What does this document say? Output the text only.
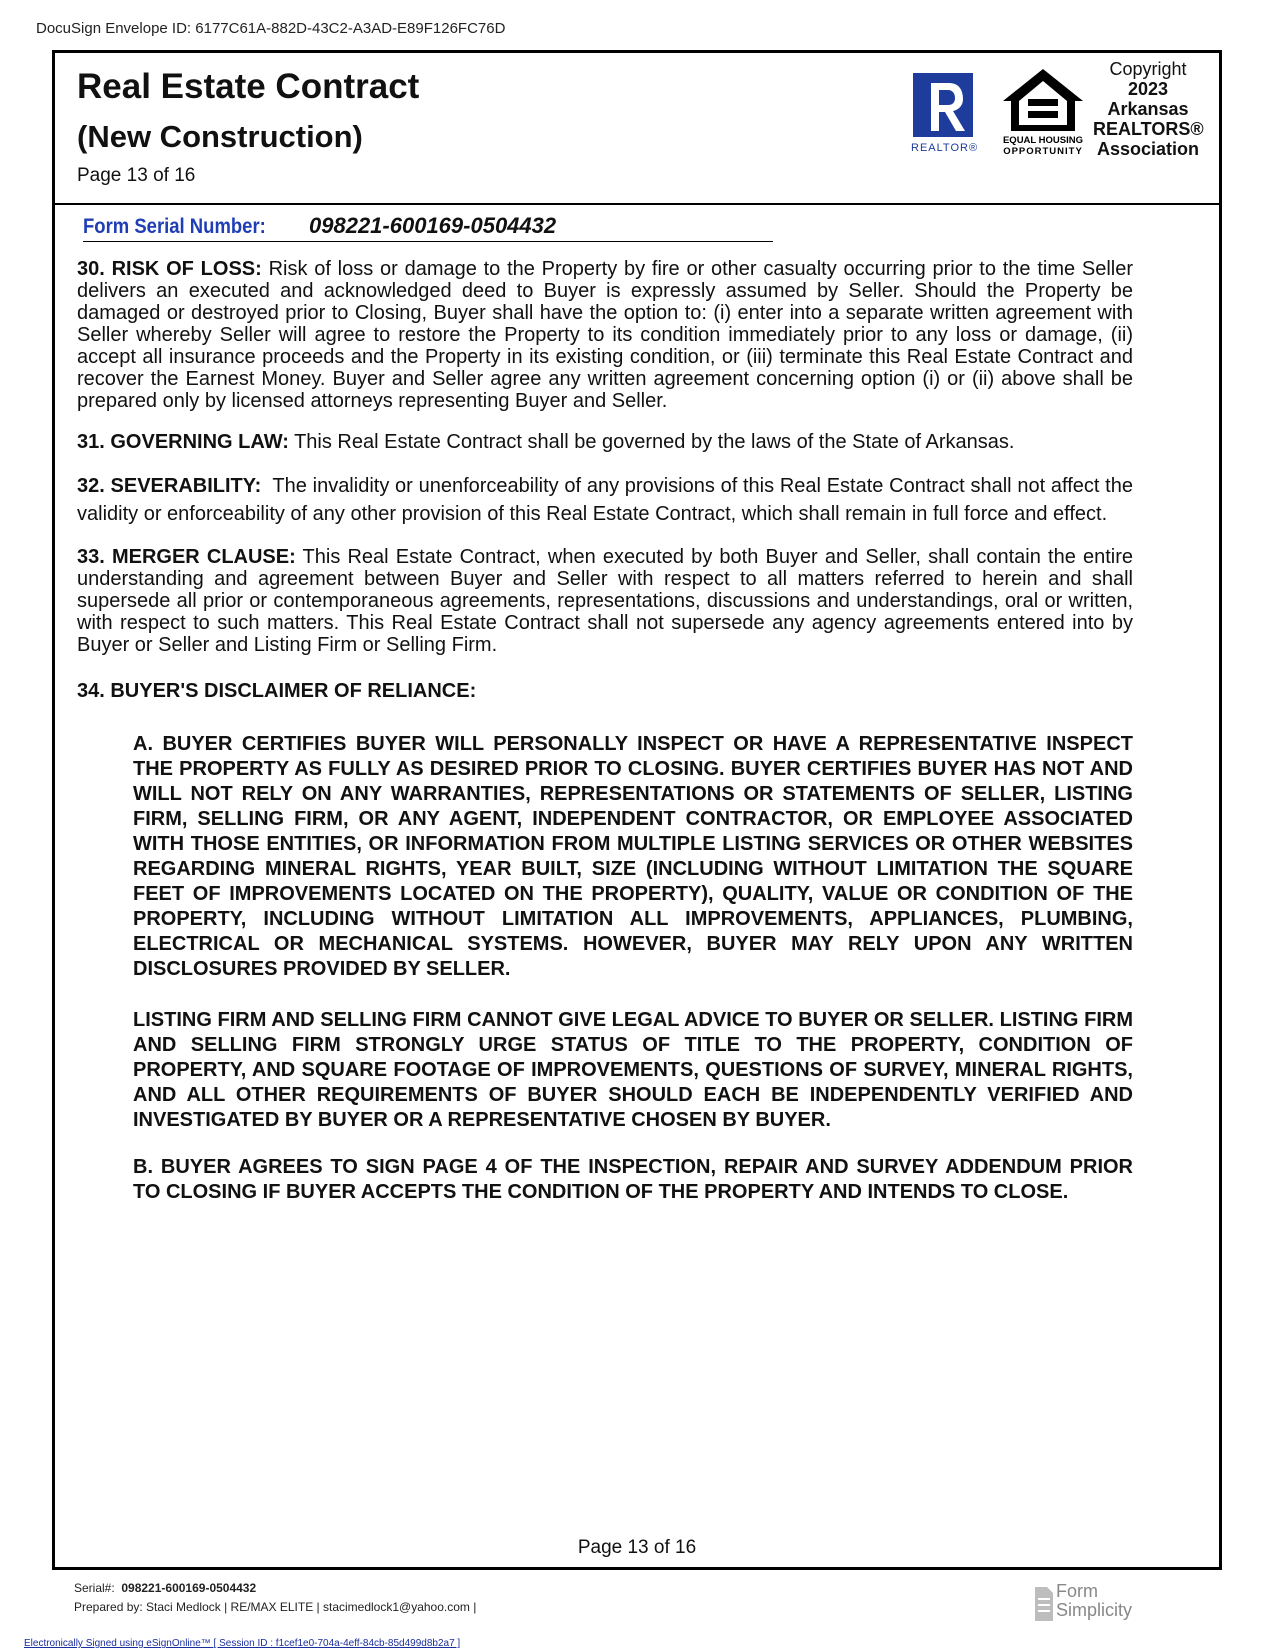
DocuSign Envelope ID: 6177C61A-882D-43C2-A3AD-E89F126FC76D
Real Estate Contract
(New Construction)
Page 13 of 16
REALTOR®
EQUAL HOUSING
OPPORTUNITY
Copyright
2023
Arkansas
REALTORS®
Association
Form Serial Number: 098221-600169-0504432

30. RISK OF LOSS: Risk of loss or damage to the Property by fire or other casualty occurring prior to the time Seller delivers an executed and acknowledged deed to Buyer is expressly assumed by Seller. Should the Property be damaged or destroyed prior to Closing, Buyer shall have the option to: (i) enter into a separate written agreement with Seller whereby Seller will agree to restore the Property to its condition immediately prior to any loss or damage, (ii) accept all insurance proceeds and the Property in its existing condition, or (iii) terminate this Real Estate Contract and recover the Earnest Money. Buyer and Seller agree any written agreement concerning option (i) or (ii) above shall be prepared only by licensed attorneys representing Buyer and Seller.

31. GOVERNING LAW: This Real Estate Contract shall be governed by the laws of the State of Arkansas.

32. SEVERABILITY: The invalidity or unenforceability of any provisions of this Real Estate Contract shall not affect the validity or enforceability of any other provision of this Real Estate Contract, which shall remain in full force and effect.

33. MERGER CLAUSE: This Real Estate Contract, when executed by both Buyer and Seller, shall contain the entire understanding and agreement between Buyer and Seller with respect to all matters referred to herein and shall supersede all prior or contemporaneous agreements, representations, discussions and understandings, oral or written, with respect to such matters. This Real Estate Contract shall not supersede any agency agreements entered into by Buyer or Seller and Listing Firm or Selling Firm.

34. BUYER'S DISCLAIMER OF RELIANCE:

A. BUYER CERTIFIES BUYER WILL PERSONALLY INSPECT OR HAVE A REPRESENTATIVE INSPECT THE PROPERTY AS FULLY AS DESIRED PRIOR TO CLOSING. BUYER CERTIFIES BUYER HAS NOT AND WILL NOT RELY ON ANY WARRANTIES, REPRESENTATIONS OR STATEMENTS OF SELLER, LISTING FIRM, SELLING FIRM, OR ANY AGENT, INDEPENDENT CONTRACTOR, OR EMPLOYEE ASSOCIATED WITH THOSE ENTITIES, OR INFORMATION FROM MULTIPLE LISTING SERVICES OR OTHER WEBSITES REGARDING MINERAL RIGHTS, YEAR BUILT, SIZE (INCLUDING WITHOUT LIMITATION THE SQUARE FEET OF IMPROVEMENTS LOCATED ON THE PROPERTY), QUALITY, VALUE OR CONDITION OF THE PROPERTY, INCLUDING WITHOUT LIMITATION ALL IMPROVEMENTS, APPLIANCES, PLUMBING, ELECTRICAL OR MECHANICAL SYSTEMS. HOWEVER, BUYER MAY RELY UPON ANY WRITTEN DISCLOSURES PROVIDED BY SELLER.

LISTING FIRM AND SELLING FIRM CANNOT GIVE LEGAL ADVICE TO BUYER OR SELLER. LISTING FIRM AND SELLING FIRM STRONGLY URGE STATUS OF TITLE TO THE PROPERTY, CONDITION OF PROPERTY, AND SQUARE FOOTAGE OF IMPROVEMENTS, QUESTIONS OF SURVEY, MINERAL RIGHTS, AND ALL OTHER REQUIREMENTS OF BUYER SHOULD EACH BE INDEPENDENTLY VERIFIED AND INVESTIGATED BY BUYER OR A REPRESENTATIVE CHOSEN BY BUYER.

B. BUYER AGREES TO SIGN PAGE 4 OF THE INSPECTION, REPAIR AND SURVEY ADDENDUM PRIOR TO CLOSING IF BUYER ACCEPTS THE CONDITION OF THE PROPERTY AND INTENDS TO CLOSE.

Page 13 of 16
Serial#: 098221-600169-0504432
Prepared by: Staci Medlock | RE/MAX ELITE | stacimedlock1@yahoo.com |
Electronically Signed using eSignOnline™ [ Session ID : f1cef1e0-704a-4eff-84cb-85d499d8b2a7 ]
Form
Simplicity
